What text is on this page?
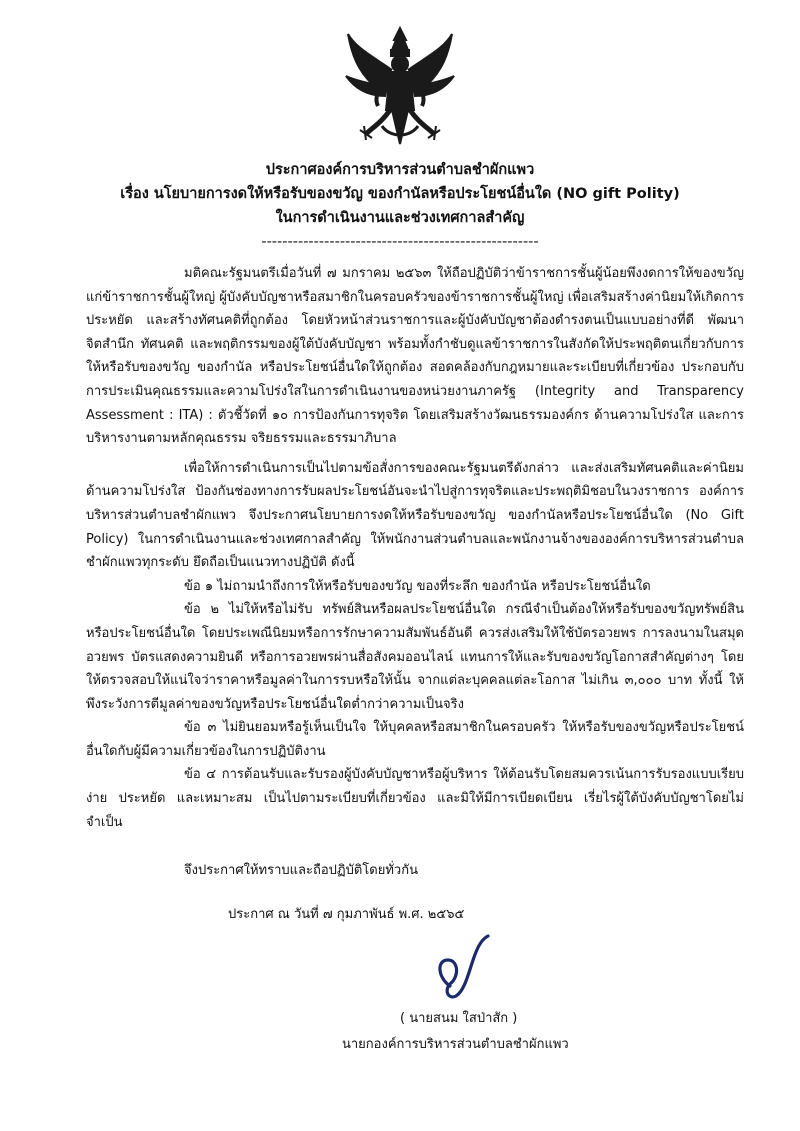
ประกาศองค์การบริหารส่วนตำบลชำผักแพว
เรื่อง นโยบายการงดให้หรือรับของขวัญ ของกำนัลหรือประโยชน์อื่นใด (NO gift Polity)
ในการดำเนินงานและช่วงเทศกาลสำคัญ
-----------------------------------------------------

มติคณะรัฐมนตรีเมื่อวันที่ ๗ มกราคม ๒๕๖๓ ให้ถือปฏิบัติว่าข้าราชการชั้นผู้น้อยพึงงดการให้ของขวัญแก่ข้าราชการชั้นผู้ใหญ่ ผู้บังคับบัญชาหรือสมาชิกในครอบครัวของข้าราชการชั้นผู้ใหญ่ เพื่อเสริมสร้างค่านิยมให้เกิดการประหยัด และสร้างทัศนคติที่ถูกต้อง โดยหัวหน้าส่วนราชการและผู้บังคับบัญชาต้องดำรงตนเป็นแบบอย่างที่ดี พัฒนาจิตสำนึก ทัศนคติ และพฤติกรรมของผู้ใต้บังคับบัญชา พร้อมทั้งกำชับดูแลข้าราชการในสังกัดให้ประพฤติตนเกี่ยวกับการให้หรือรับของขวัญ ของกำนัล หรือประโยชน์อื่นใดให้ถูกต้อง สอดคล้องกับกฎหมายและระเบียบที่เกี่ยวข้อง ประกอบกับการประเมินคุณธรรมและความโปร่งใสในการดำเนินงานของหน่วยงานภาครัฐ (Integrity and Transparency Assessment : ITA) : ตัวชี้วัดที่ ๑๐ การป้องกันการทุจริต โดยเสริมสร้างวัฒนธรรมองค์กร ด้านความโปร่งใส และการบริหารงานตามหลักคุณธรรม จริยธรรมและธรรมาภิบาล

เพื่อให้การดำเนินการเป็นไปตามข้อสั่งการของคณะรัฐมนตรีดังกล่าว และส่งเสริมทัศนคติและค่านิยมด้านความโปร่งใส ป้องกันช่องทางการรับผลประโยชน์อันจะนำไปสู่การทุจริตและประพฤติมิชอบในวงราชการ องค์การบริหารส่วนตำบลชำผักแพว จึงประกาศนโยบายการงดให้หรือรับของขวัญ ของกำนัลหรือประโยชน์อื่นใด (No Gift Policy) ในการดำเนินงานและช่วงเทศกาลสำคัญ ให้พนักงานส่วนตำบลและพนักงานจ้างขององค์การบริหารส่วนตำบลชำผักแพวทุกระดับ ยึดถือเป็นแนวทางปฏิบัติ ดังนี้

ข้อ ๑ ไม่ถามนำถึงการให้หรือรับของขวัญ ของที่ระลึก ของกำนัล หรือประโยชน์อื่นใด

ข้อ ๒ ไม่ให้หรือไม่รับ ทรัพย์สินหรือผลประโยชน์อื่นใด กรณีจำเป็นต้องให้หรือรับของขวัญทรัพย์สิน หรือประโยชน์อื่นใด โดยประเพณีนิยมหรือการรักษาความสัมพันธ์อันดี ควรส่งเสริมให้ใช้บัตรอวยพร การลงนามในสมุดอวยพร บัตรแสดงความยินดี หรือการอวยพรผ่านสื่อสังคมออนไลน์ แทนการให้และรับของขวัญโอกาสสำคัญต่างๆ โดยให้ตรวจสอบให้แน่ใจว่าราคาหรือมูลค่าในการรบหรือให้นั้น จากแต่ละบุคคลแต่ละโอกาส ไม่เกิน ๓,๐๐๐ บาท ทั้งนี้ ให้พึงระวังการตีมูลค่าของขวัญหรือประโยชน์อื่นใดต่ำกว่าความเป็นจริง

ข้อ ๓ ไม่ยินยอมหรือรู้เห็นเป็นใจ ให้บุคคลหรือสมาชิกในครอบครัว ให้หรือรับของขวัญหรือประโยชน์อื่นใดกับผู้มีความเกี่ยวข้องในการปฏิบัติงาน

ข้อ ๔ การต้อนรับและรับรองผู้บังคับบัญชาหรือผู้บริหาร ให้ต้อนรับโดยสมควรเน้นการรับรองแบบเรียบง่าย ประหยัด และเหมาะสม เป็นไปตามระเบียบที่เกี่ยวข้อง และมิให้มีการเบียดเบียน เรี่ยไรผู้ใต้บังคับบัญชาโดยไม่จำเป็น

จึงประกาศให้ทราบและถือปฏิบัติโดยทั่วกัน
ประกาศ ณ วันที่ ๗ กุมภาพันธ์ พ.ศ. ๒๕๖๕
( นายสนม ใสป่าสัก )
นายกองค์การบริหารส่วนตำบลชำผักแพว
